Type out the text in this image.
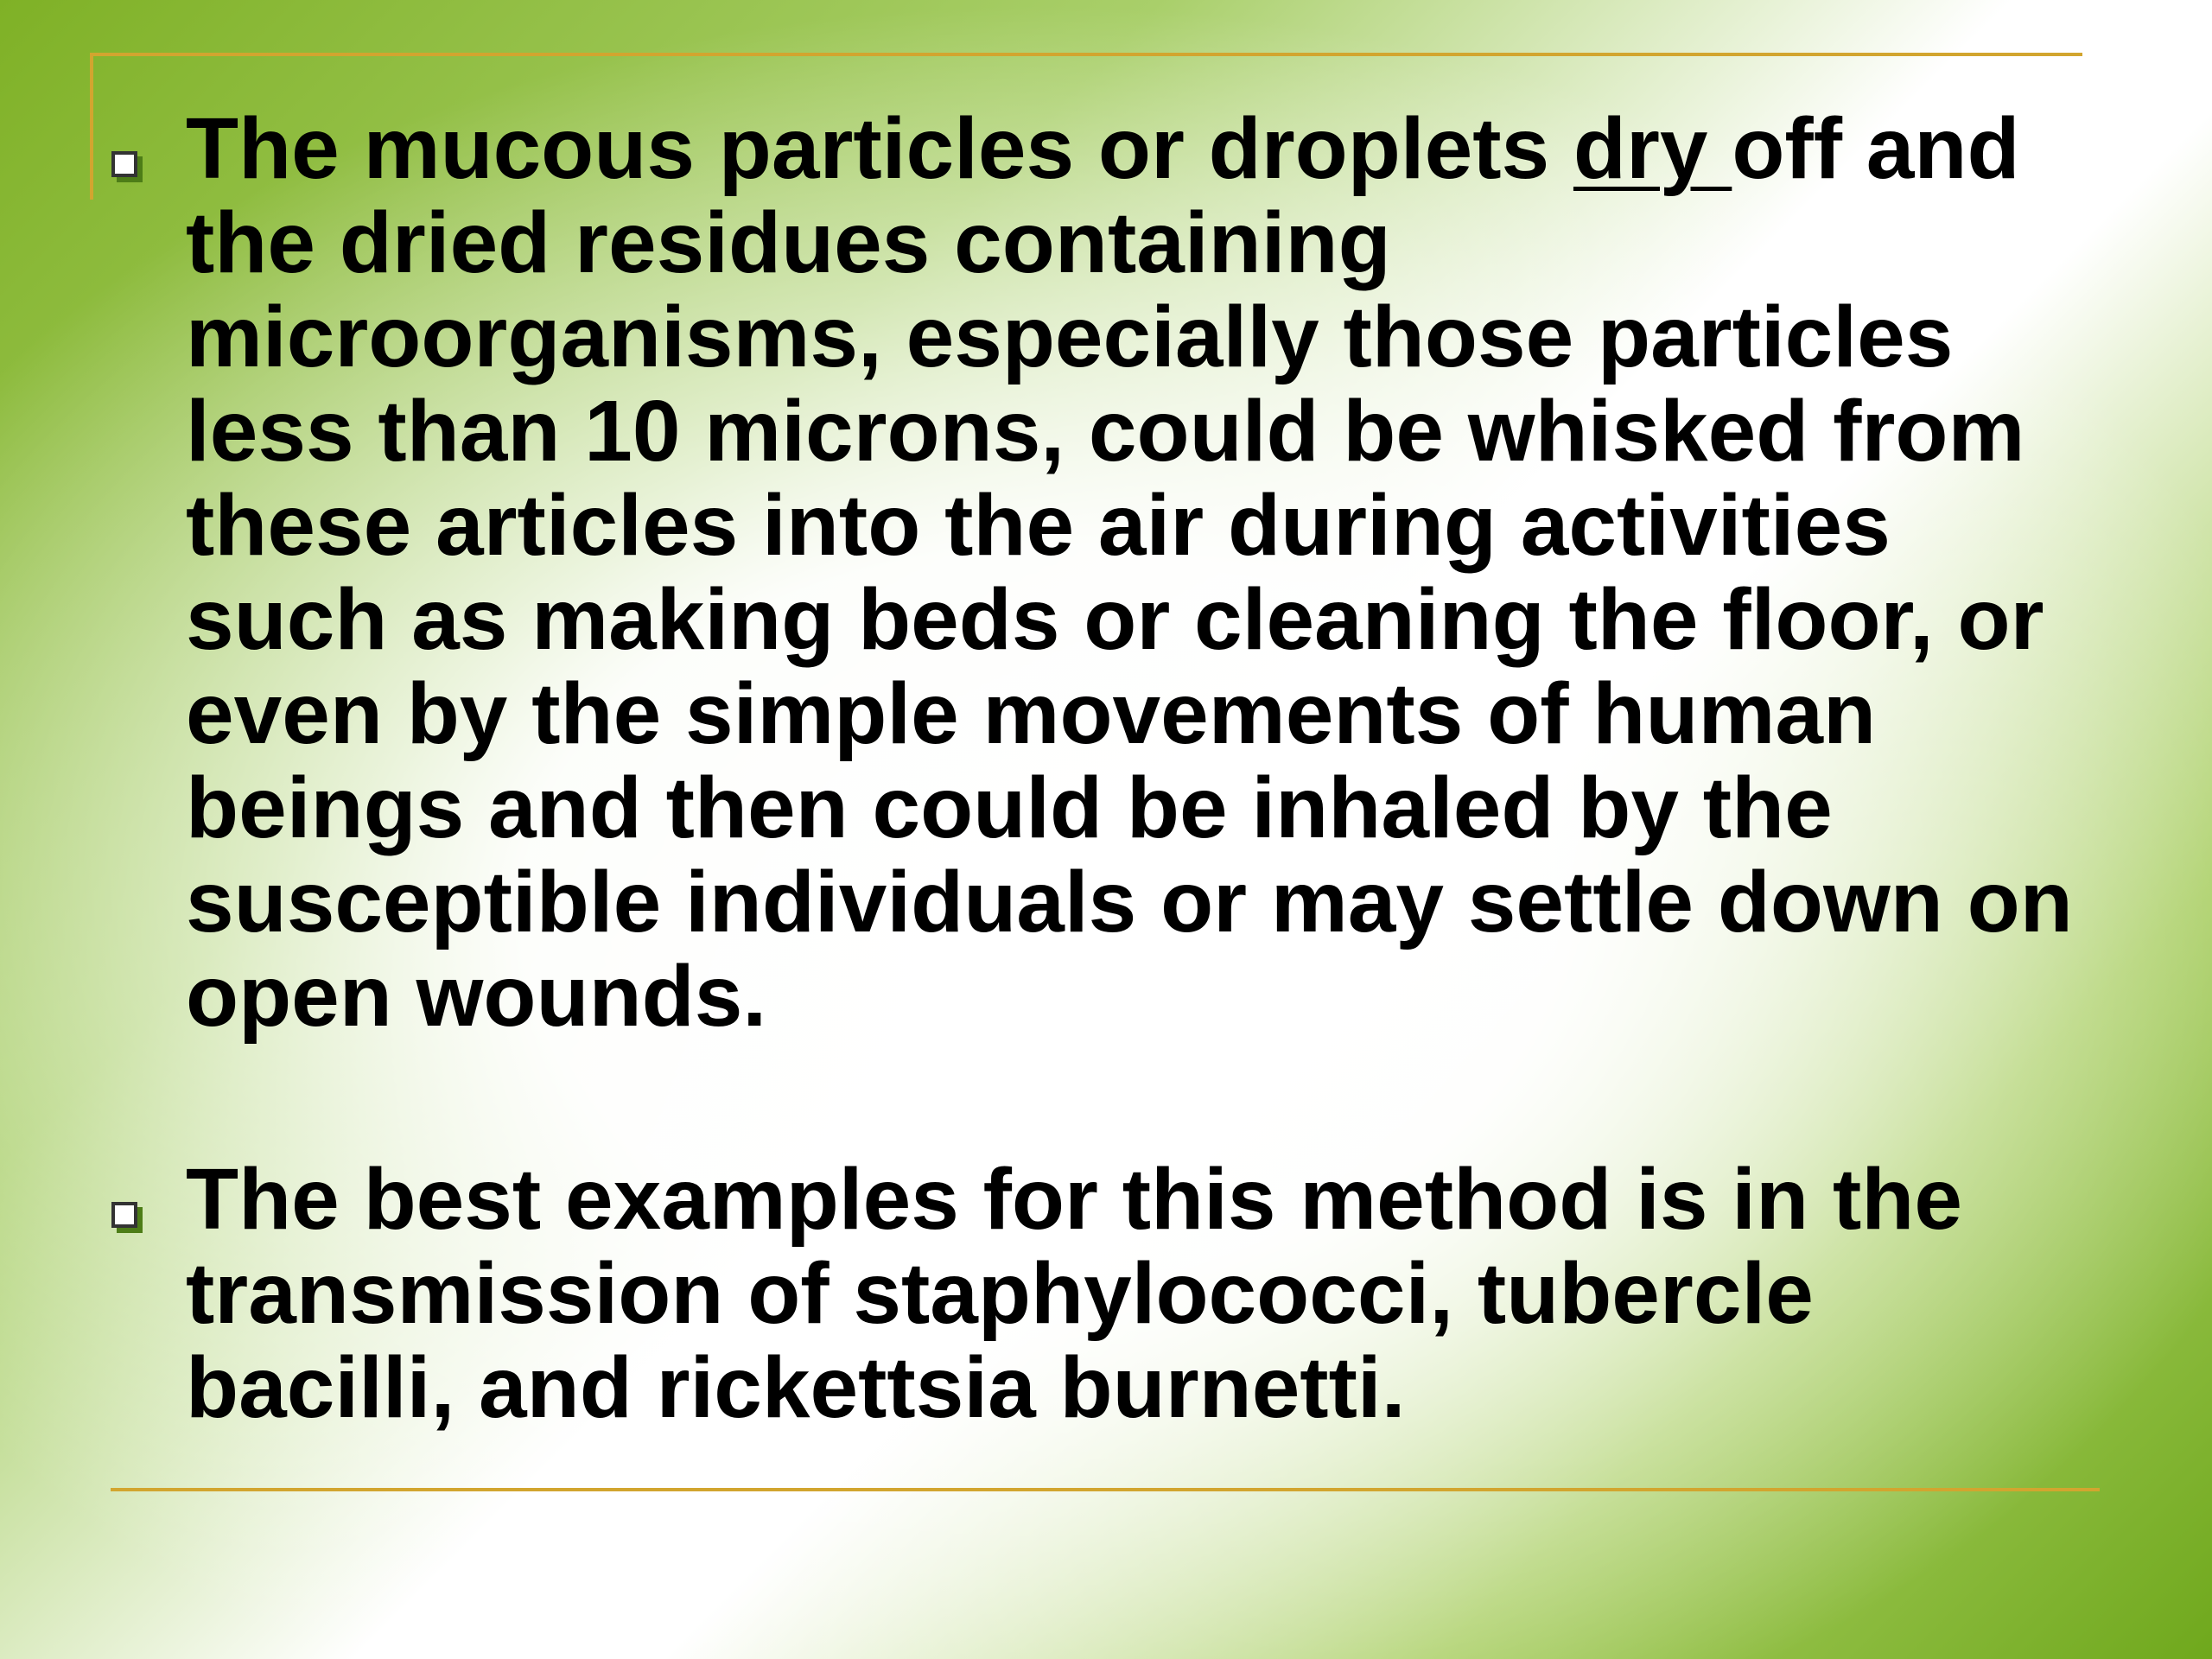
The mucous particles or droplets dry off and the dried residues containing microorganisms, especially those particles less than 10 microns, could be whisked from these articles into the air during activities such as making beds or cleaning the floor, or even by the simple movements of human beings and then could be inhaled by the susceptible individuals or may settle down on open wounds.
The best examples for this method is in the transmission of staphylococci, tubercle bacilli, and rickettsia burnetti.
